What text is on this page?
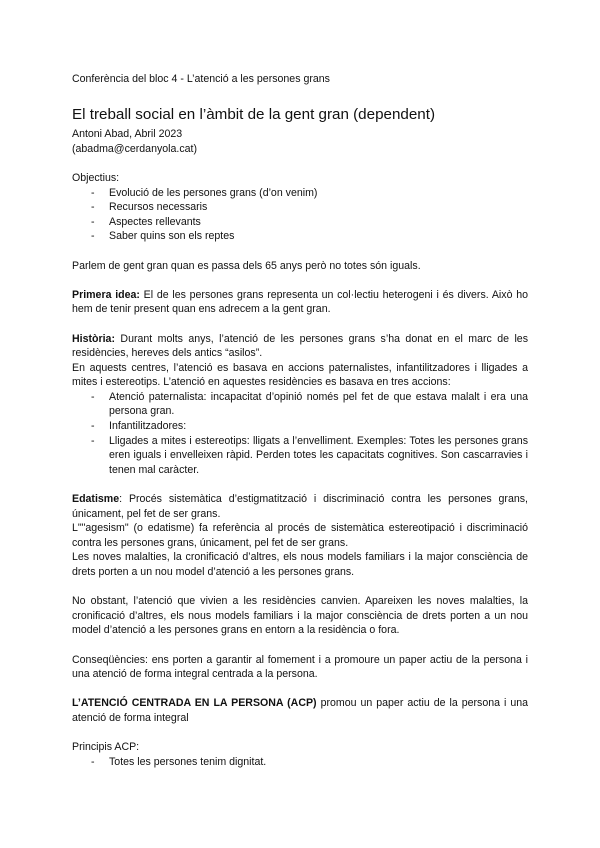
Conferència del bloc 4 - L’atenció a les persones grans

El treball social en l’àmbit de la gent gran (dependent)

Antoni Abad, Abril 2023

(abadma@cerdanyola.cat)

Objectius:

- Evolució de les persones grans (d’on venim)
- Recursos necessaris
- Aspectes rellevants
- Saber quins son els reptes

Parlem de gent gran quan es passa dels 65 anys però no totes són iguals.

Primera idea: El de les persones grans representa un col·lectiu heterogeni i és divers. Això ho hem de tenir present quan ens adrecem a la gent gran.

Història: Durant molts anys, l’atenció de les persones grans s’ha donat en el marc de les residències, hereves dels antics “asilos”.

En aquests centres, l’atenció es basava en accions paternalistes, infantilitzadores i lligades a mites i estereotips. L’atenció en aquestes residències es basava en tres accions:

- Atenció paternalista: incapacitat d’opinió només pel fet de que estava malalt i era una persona gran.
- Infantilitzadores:
- Lligades a mites i estereotips: lligats a l’envelliment. Exemples: Totes les persones grans eren iguals i envelleixen ràpid. Perden totes les capacitats cognitives. Son cascarravies i tenen mal caràcter.

Edatisme: Procés sistemàtica d’estigmatització i discriminació contra les persones grans, únicament, pel fet de ser grans.

L""agesism" (o edatisme) fa referència al procés de sistemàtica estereotipació i discriminació contra les persones grans, únicament, pel fet de ser grans.

Les noves malalties, la cronificació d’altres, els nous models familiars i la major consciència de drets porten a un nou model d’atenció a les persones grans.

No obstant, l’atenció que vivien a les residències canvien. Apareixen les noves malalties, la cronificació d’altres, els nous models familiars i la major consciència de drets porten a un nou model d’atenció a les persones grans en entorn a la residència o fora.

Conseqüències: ens porten a garantir al fomement i a promoure un paper actiu de la persona i una atenció de forma integral centrada a la persona.

L’ATENCIÓ CENTRADA EN LA PERSONA (ACP) promou un paper actiu de la persona i una atenció de forma integral

Principis ACP:

- Totes les persones tenim dignitat.
